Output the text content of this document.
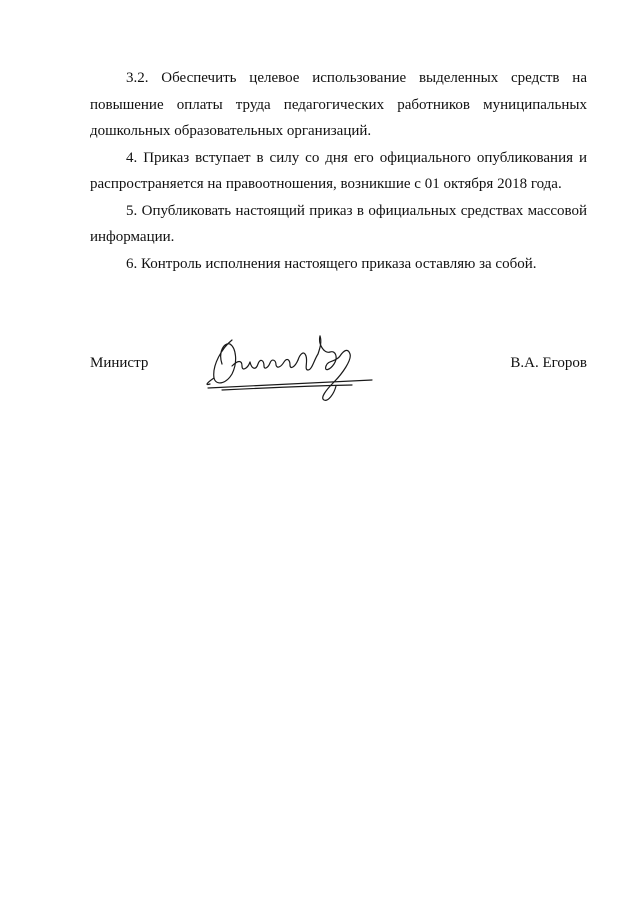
3.2. Обеспечить целевое использование выделенных средств на повышение оплаты труда педагогических работников муниципальных дошкольных образовательных организаций.

4. Приказ вступает в силу со дня его официального опубликования и распространяется на правоотношения, возникшие с 01 октября 2018 года.

5. Опубликовать настоящий приказ в официальных средствах массовой информации.

6. Контроль исполнения настоящего приказа оставляю за собой.

Министр	В.А. Егоров
